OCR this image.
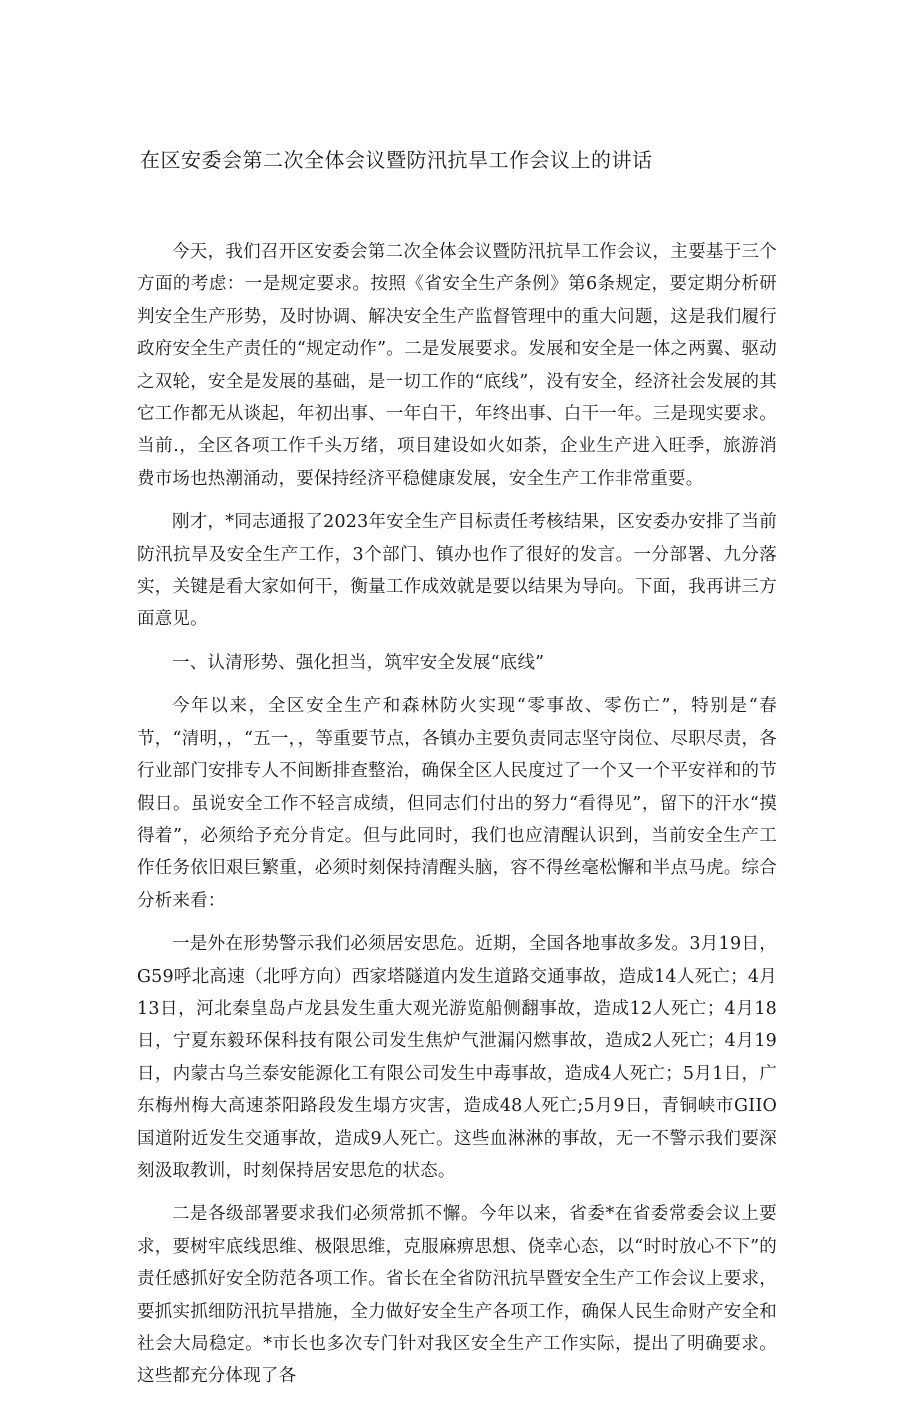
在区安委会第二次全体会议暨防汛抗旱工作会议上的讲话

今天，我们召开区安委会第二次全体会议暨防汛抗旱工作会议，主要基于三个方面的考虑：一是规定要求。按照《省安全生产条例》第6条规定，要定期分析研判安全生产形势，及时协调、解决安全生产监督管理中的重大问题，这是我们履行政府安全生产责任的“规定动作”。二是发展要求。发展和安全是一体之两翼、驱动之双轮，安全是发展的基础，是一切工作的“底线”，没有安全，经济社会发展的其它工作都无从谈起，年初出事、一年白干，年终出事、白干一年。三是现实要求。当前.，全区各项工作千头万绪，项目建设如火如荼，企业生产进入旺季，旅游消费市场也热潮涌动，要保持经济平稳健康发展，安全生产工作非常重要。

刚才，*同志通报了2023年安全生产目标责任考核结果，区安委办安排了当前防汛抗旱及安全生产工作，3个部门、镇办也作了很好的发言。一分部署、九分落实，关键是看大家如何干，衡量工作成效就是要以结果为导向。下面，我再讲三方面意见。

一、认清形势、强化担当，筑牢安全发展“底线”

今年以来，全区安全生产和森林防火实现“零事故、零伤亡”，特别是“春节，“清明，，“五一，，等重要节点，各镇办主要负责同志坚守岗位、尽职尽责，各行业部门安排专人不间断排查整治，确保全区人民度过了一个又一个平安祥和的节假日。虽说安全工作不轻言成绩，但同志们付出的努力“看得见”，留下的汗水“摸得着”，必须给予充分肯定。但与此同时，我们也应清醒认识到，当前安全生产工作任务依旧艰巨繁重，必须时刻保持清醒头脑，容不得丝毫松懈和半点马虎。综合分析来看：

一是外在形势警示我们必须居安思危。近期，全国各地事故多发。3月19日，G59呼北高速（北呼方向）西家塔隧道内发生道路交通事故，造成14人死亡；4月13日，河北秦皇岛卢龙县发生重大观光游览船侧翻事故，造成12人死亡；4月18日，宁夏东毅环保科技有限公司发生焦炉气泄漏闪燃事故，造成2人死亡；4月19日，内蒙古乌兰泰安能源化工有限公司发生中毒事故，造成4人死亡；5月1日，广东梅州梅大高速茶阳路段发生塌方灾害，造成48人死亡;5月9日，青铜峡市GIIO国道附近发生交通事故，造成9人死亡。这些血淋淋的事故，无一不警示我们要深刻汲取教训，时刻保持居安思危的状态。

二是各级部署要求我们必须常抓不懈。今年以来，省委*在省委常委会议上要求，要树牢底线思维、极限思维，克服麻痹思想、侥幸心态，以“时时放心不下”的责任感抓好安全防范各项工作。省长在全省防汛抗旱暨安全生产工作会议上要求，要抓实抓细防汛抗旱措施，全力做好安全生产各项工作，确保人民生命财产安全和社会大局稳定。*市长也多次专门针对我区安全生产工作实际，提出了明确要求。这些都充分体现了各
